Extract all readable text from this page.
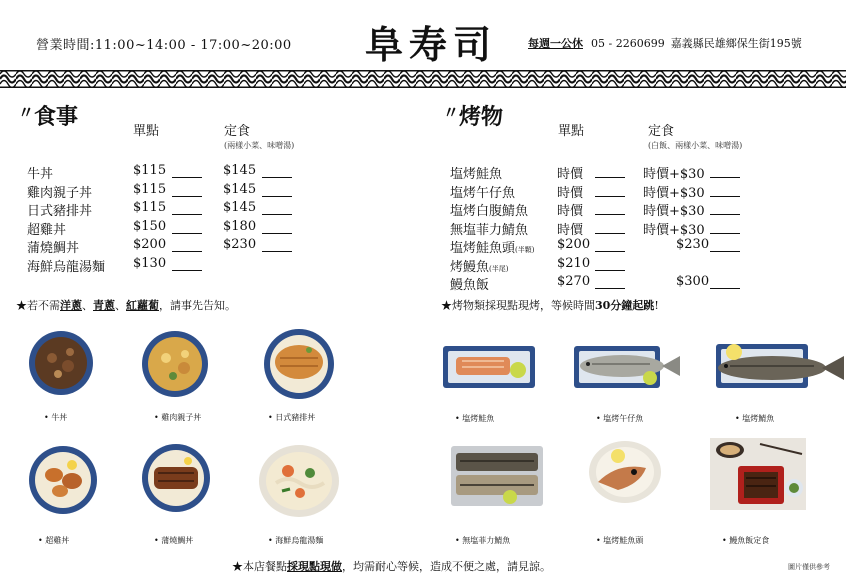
營業時間:11:00~14:00 - 17:00~20:00 阜寿司	每週一公休 05 - 2260699 嘉義縣民雄鄉保生街195號
〃食事
單點	定食
(兩樣小菜、味噌湯)
牛丼	$115	$145
雞肉親子丼	$115	$145
日式豬排丼	$115	$145
超雞丼	$150	$180
蒲燒鯛丼	$200	$230
海鮮烏龍湯麵 $130
★若不需洋蔥、青蔥、紅蘿蔔，請事先告知。
〃烤物
單點	定食
(白飯、兩樣小菜、味噌湯)
塩烤鮭魚	時價	時價+$30
塩烤午仔魚	時價	時價+$30
塩烤白腹鯖魚 時價	時價+$30
無塩菲力鯖魚 時價	時價+$30
塩烤鮭魚頭(半顆) $200	$230
烤鰻魚(半尾)	$210
鰻魚飯	$270	$300
★烤物類採現點現烤，等候時間30分鐘起跳!
• 牛丼	• 雞肉親子丼	• 日式豬排丼
• 超雞丼	• 蒲燒鯛丼	• 海鮮烏龍湯麵
• 塩烤鮭魚	• 塩烤午仔魚	• 塩烤鯖魚
• 無塩菲力鯖魚	• 塩烤鮭魚頭	• 鰻魚飯定食
★本店餐點採現點現做，均需耐心等候，造成不便之處，請見諒。	圖片僅供參考
